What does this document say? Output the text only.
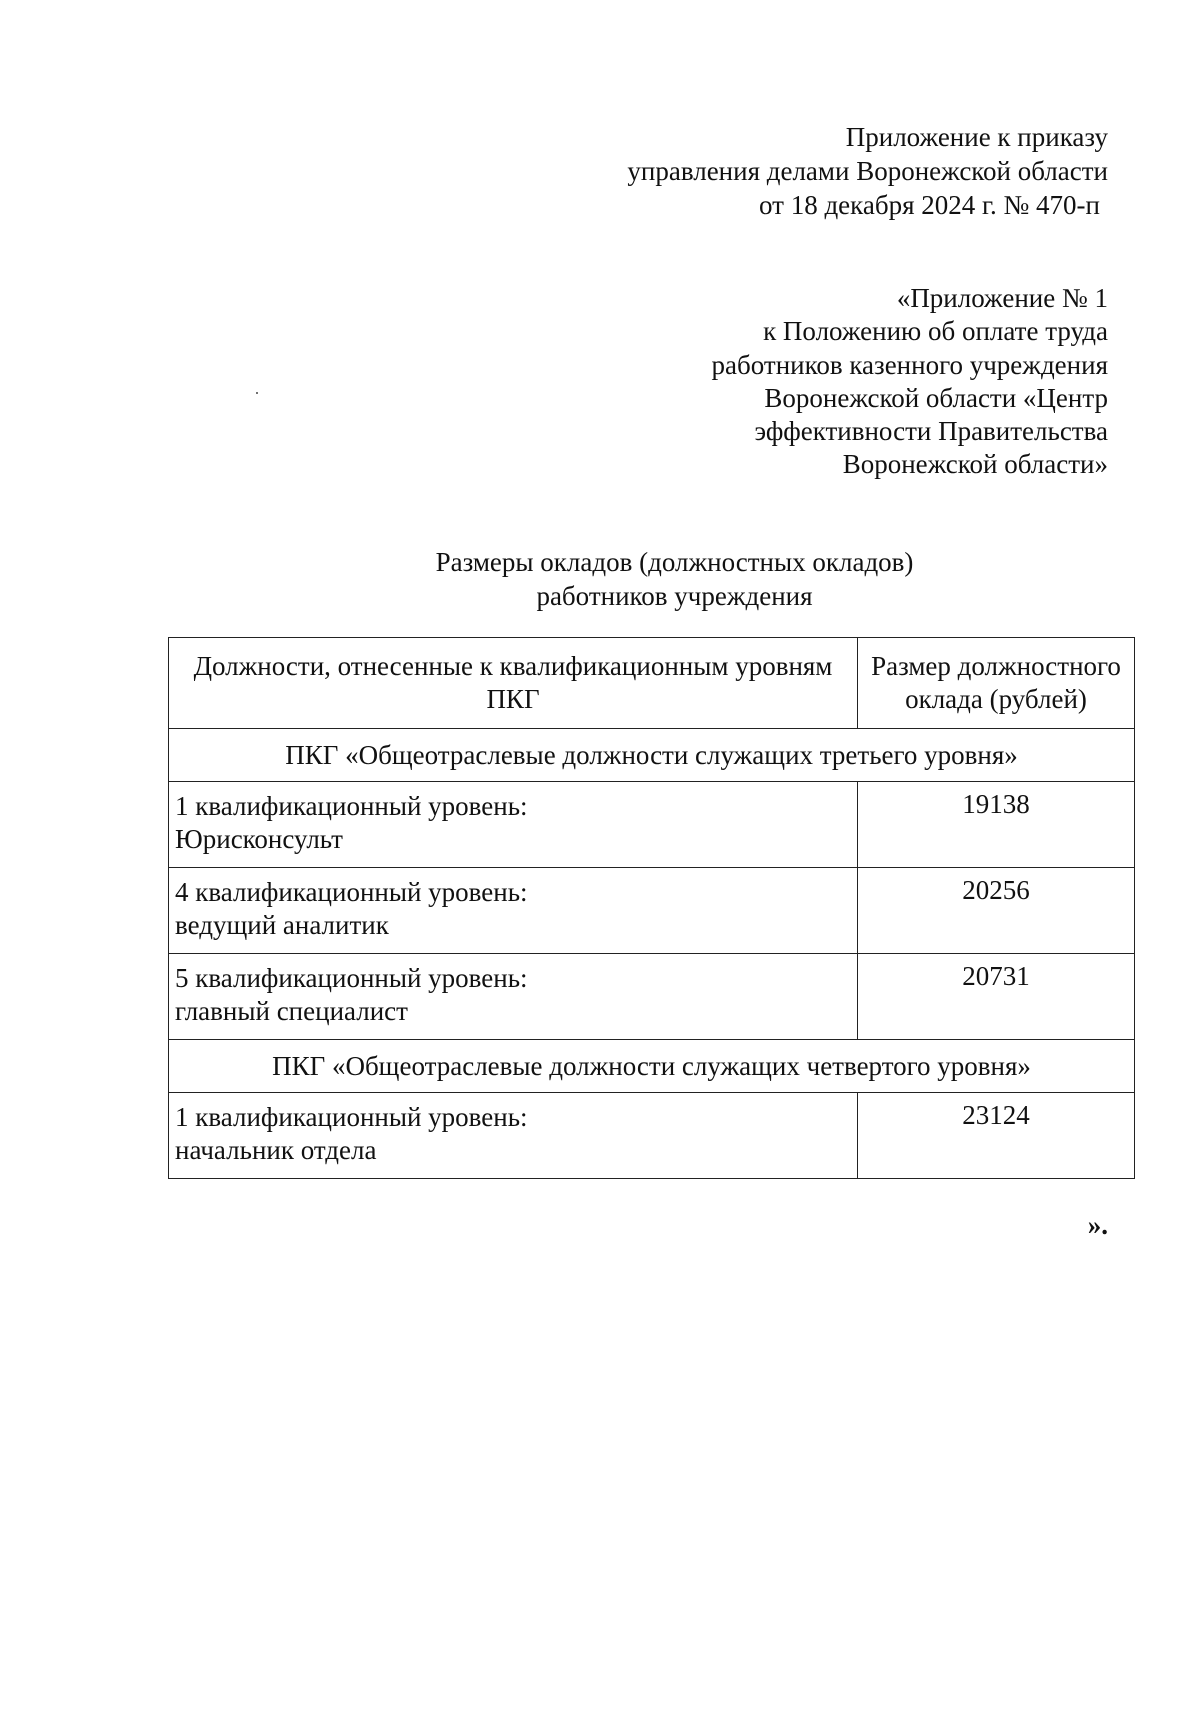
Приложение к приказу
управления делами Воронежской области
от 18 декабря 2024 г. № 470-п
«Приложение № 1
к Положению об оплате труда
работников казенного учреждения
Воронежской области «Центр
эффективности Правительства
Воронежской области»
Размеры окладов (должностных окладов)
работников учреждения
Должности, отнесенные к квалификационным уровням ПКГ	Размер должностного оклада (рублей)
ПКГ «Общеотраслевые должности служащих третьего уровня»	

1 квалификационный уровень:
Юрисконсульт	19138

4 квалификационный уровень:
ведущий аналитик	20256

5 квалификационный уровень:
главный специалист	20731
ПКГ «Общеотраслевые должности служащих четвертого уровня»	

1 квалификационный уровень:
начальник отдела	23124
».
